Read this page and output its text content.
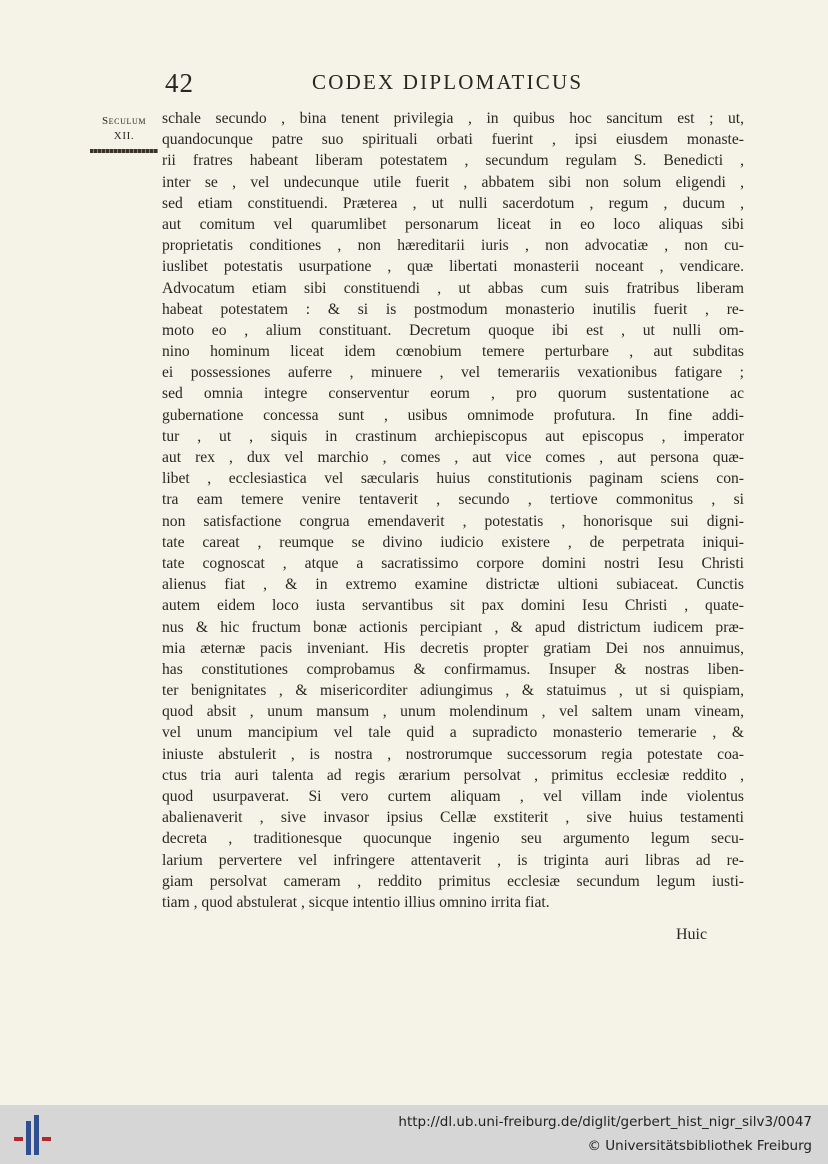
42	CODEX DIPLOMATICUS
Seculum
XII.
schale secundo , bina tenent privilegia , in quibus hoc sancitum est ; ut,
quandocunque patre suo spirituali orbati fuerint , ipsi eiusdem monaste-
rii fratres habeant liberam potestatem , secundum regulam S. Benedicti ,
inter se , vel undecunque utile fuerit , abbatem sibi non solum eligendi ,
sed etiam constituendi. Præterea , ut nulli sacerdotum , regum , ducum ,
aut comitum vel quarumlibet personarum liceat in eo loco aliquas sibi
proprietatis conditiones , non hæreditarii iuris , non advocatiæ , non cu-
iuslibet potestatis usurpatione , quæ libertati monasterii noceant , vendicare.
Advocatum etiam sibi constituendi , ut abbas cum suis fratribus liberam
habeat potestatem : & si is postmodum monasterio inutilis fuerit , re-
moto eo , alium constituant. Decretum quoque ibi est , ut nulli om-
nino hominum liceat idem cœnobium temere perturbare , aut subditas
ei possessiones auferre , minuere , vel temerariis vexationibus fatigare ;
sed omnia integre conserventur eorum , pro quorum sustentatione ac
gubernatione concessa sunt , usibus omnimode profutura. In fine addi-
tur , ut , siquis in crastinum archiepiscopus aut episcopus , imperator
aut rex , dux vel marchio , comes , aut vice comes , aut persona quæ-
libet , ecclesiastica vel sæcularis huius constitutionis paginam sciens con-
tra eam temere venire tentaverit , secundo , tertiove commonitus , si
non satisfactione congrua emendaverit , potestatis , honorisque sui digni-
tate careat , reumque se divino iudicio existere , de perpetrata iniqui-
tate cognoscat , atque a sacratissimo corpore domini nostri Iesu Christi
alienus fiat , & in extremo examine districtæ ultioni subiaceat. Cunctis
autem eidem loco iusta servantibus sit pax domini Iesu Christi , quate-
nus & hic fructum bonæ actionis percipiant , & apud districtum iudicem præ-
mia æternæ pacis inveniant. His decretis propter gratiam Dei nos annuimus,
has constitutiones comprobamus & confirmamus. Insuper & nostras liben-
ter benignitates , & misericorditer adiungimus , & statuimus , ut si quispiam,
quod absit , unum mansum , unum molendinum , vel saltem unam vineam,
vel unum mancipium vel tale quid a supradicto monasterio temerarie , &
iniuste abstulerit , is nostra , nostrorumque successorum regia potestate coa-
ctus tria auri talenta ad regis ærarium persolvat , primitus ecclesiæ reddito ,
quod usurpaverat. Si vero curtem aliquam , vel villam inde violentus
abalienaverit , sive invasor ipsius Cellæ exstiterit , sive huius testamenti
decreta , traditionesque quocunque ingenio seu argumento legum secu-
larium pervertere vel infringere attentaverit , is triginta auri libras ad re-
giam persolvat cameram , reddito primitus ecclesiæ secundum legum iusti-
tiam , quod abstulerat , sicque intentio illius omnino irrita fiat.
Huic
http://dl.ub.uni-freiburg.de/diglit/gerbert_hist_nigr_silv3/0047
© Universitätsbibliothek Freiburg
